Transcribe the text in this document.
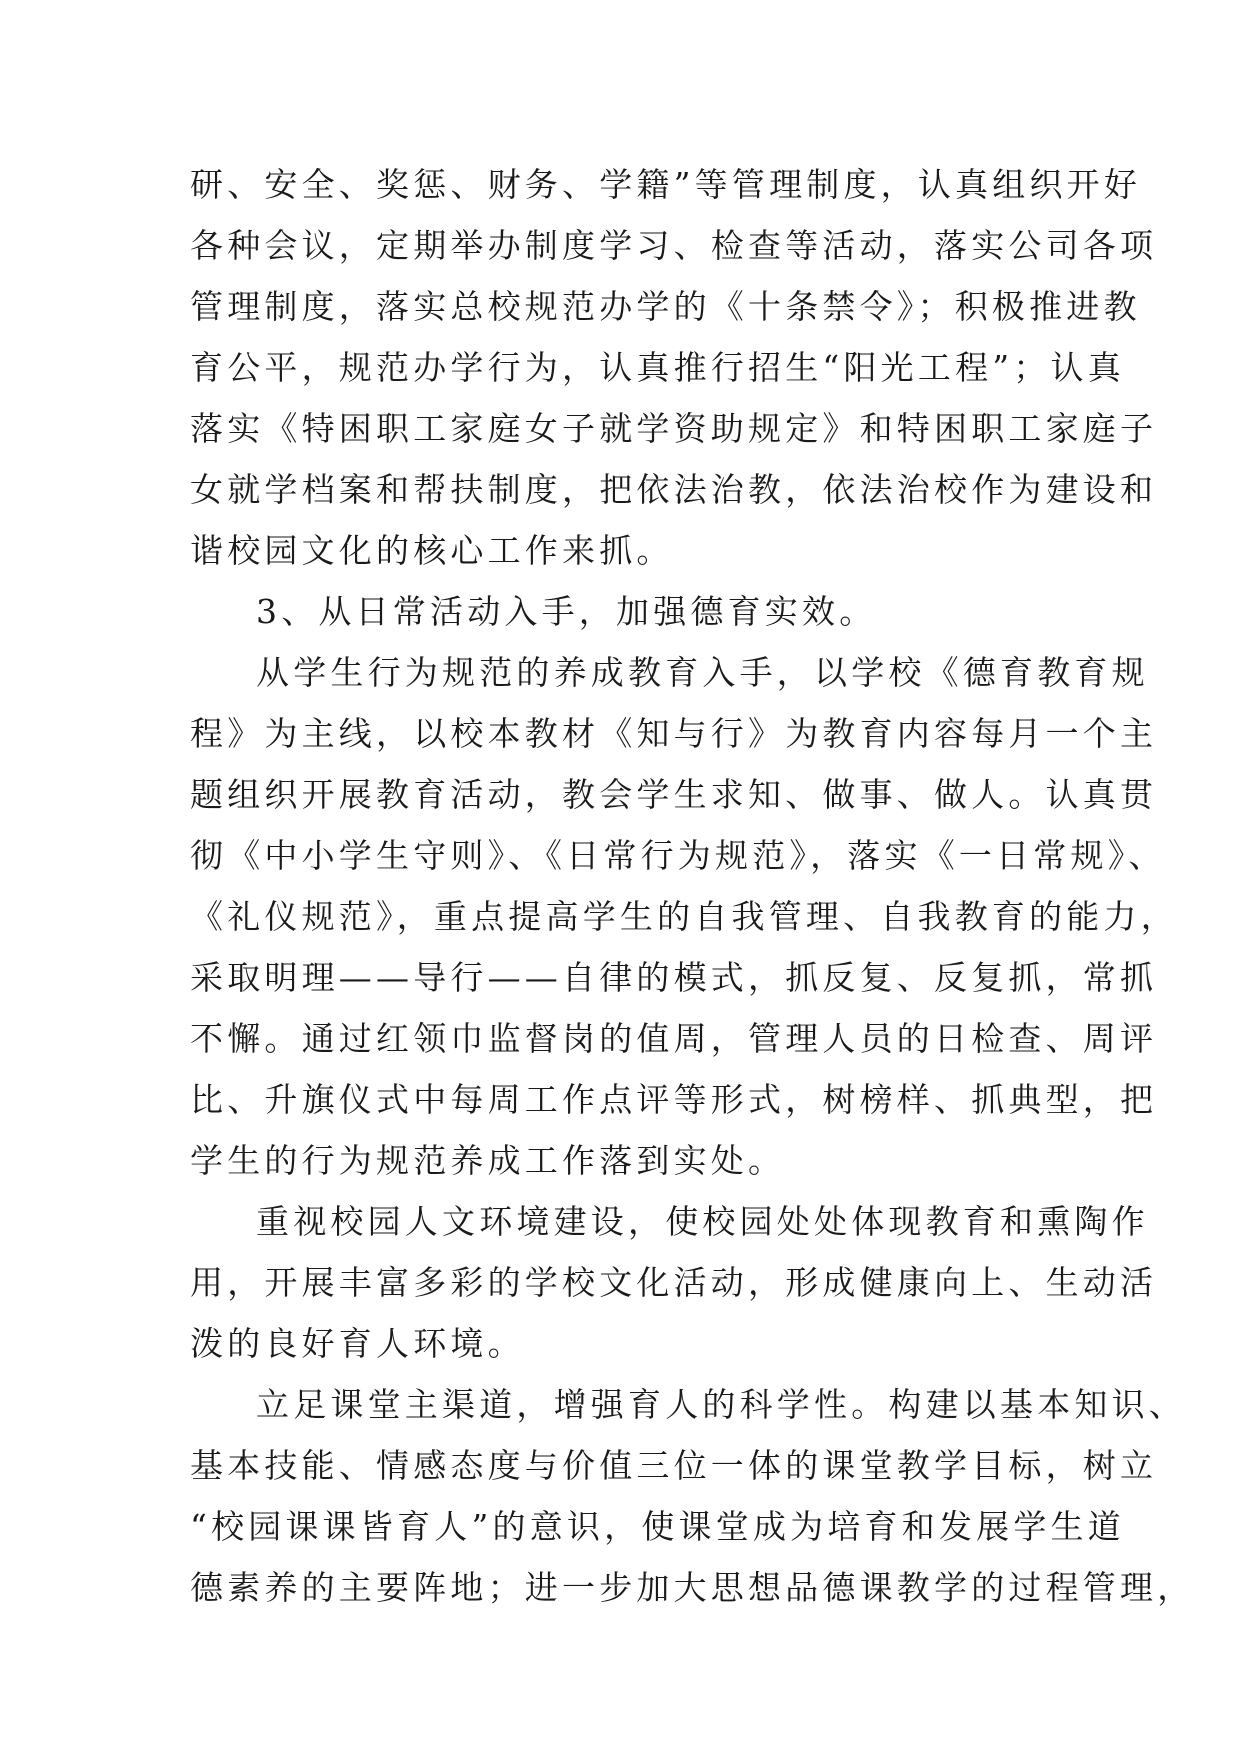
研、安全、奖惩、财务、学籍”等管理制度，认真组织开好
各种会议，定期举办制度学习、检查等活动，落实公司各项
管理制度，落实总校规范办学的《十条禁令》；积极推进教
育公平，规范办学行为，认真推行招生“阳光工程”；认真
落实《特困职工家庭女子就学资助规定》和特困职工家庭子
女就学档案和帮扶制度，把依法治教，依法治校作为建设和
谐校园文化的核心工作来抓。
3、从日常活动入手，加强德育实效。
从学生行为规范的养成教育入手，以学校《德育教育规
程》为主线，以校本教材《知与行》为教育内容每月一个主
题组织开展教育活动，教会学生求知、做事、做人。认真贯
彻《中小学生守则》、《日常行为规范》，落实《一日常规》、
《礼仪规范》，重点提高学生的自我管理、自我教育的能力，
采取明理——导行——自律的模式，抓反复、反复抓，常抓
不懈。通过红领巾监督岗的值周，管理人员的日检查、周评
比、升旗仪式中每周工作点评等形式，树榜样、抓典型，把
学生的行为规范养成工作落到实处。
重视校园人文环境建设，使校园处处体现教育和熏陶作
用，开展丰富多彩的学校文化活动，形成健康向上、生动活
泼的良好育人环境。
立足课堂主渠道，增强育人的科学性。构建以基本知识、
基本技能、情感态度与价值三位一体的课堂教学目标，树立
“校园课课皆育人”的意识，使课堂成为培育和发展学生道
德素养的主要阵地；进一步加大思想品德课教学的过程管理，
